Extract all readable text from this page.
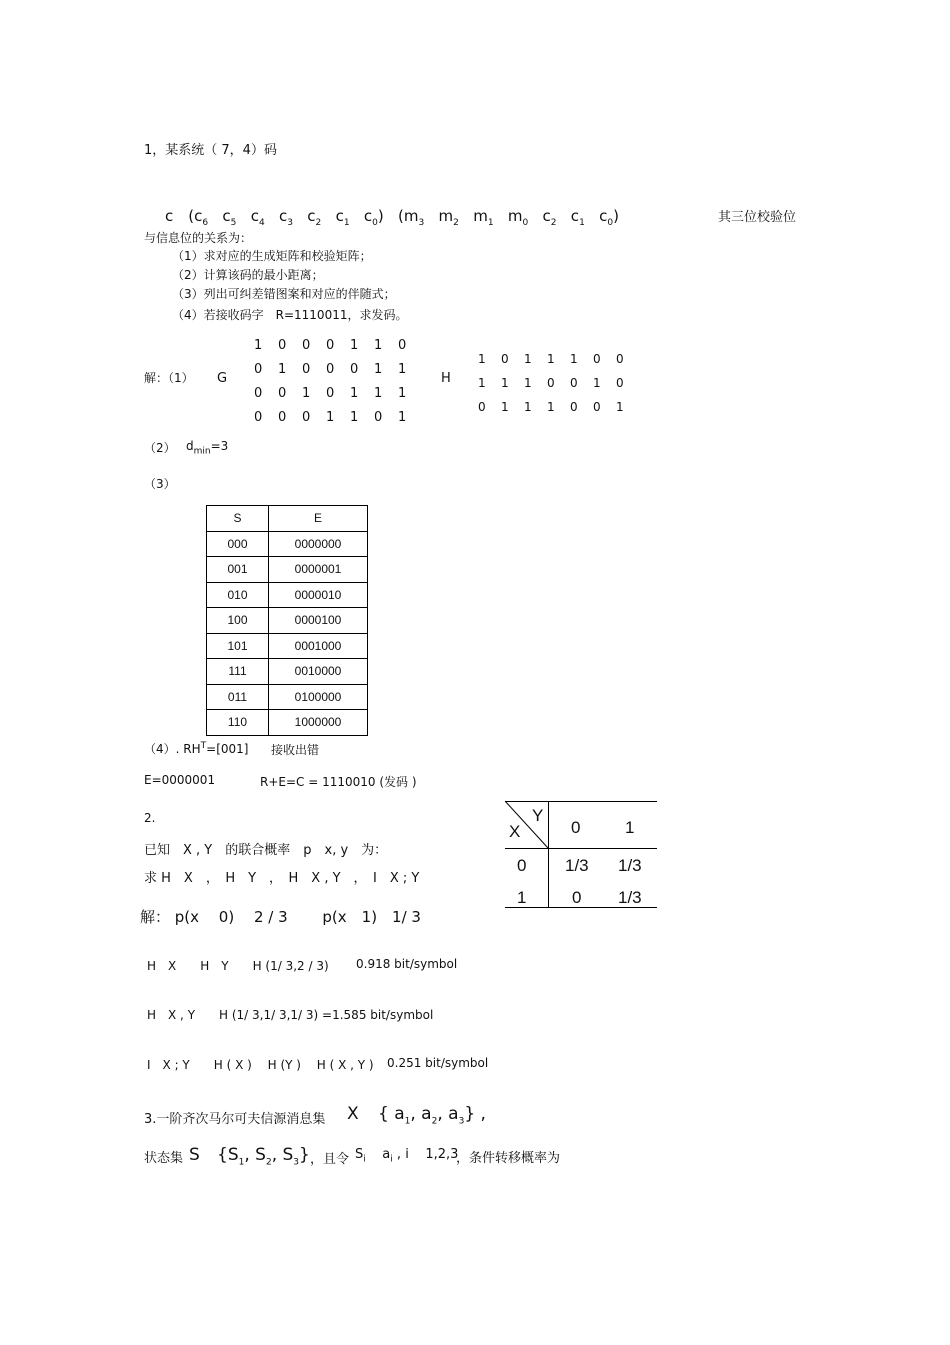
1，某系统（ 7，4）码
c　($c_6$   $c_5$   $c_4$   $c_3$   $c_2$   $c_1$   $c_0$)   ($m_3$   $m_2$   $m_1$   $m_0$   $c_2$   $c_1$   $c_0$)	其三位校验位
与信息位的关系为：
（1）求对应的生成矩阵和校验矩阵；
（2）计算该码的最小距离；
（3）列出可纠差错图案和对应的伴随式；
（4）若接收码字　R=1110011，求发码。
解：（1） G
1 0 0 0 1 1 0
0 1 0 0 0 1 1
0 0 1 0 1 1 1
0 0 0 1 1 0 1
H
1 0 1 1 1 0 0
1 1 1 0 0 1 0
0 1 1 1 0 0 1
（2） $d_{min}=3$
（3）
S	E
000	0000000
001	0000001
010	0000010
100	0000100
101	0001000
111	0010000
011	0100000
110	1000000
（4）. $RH^T=[001]$ 接收出错
E=0000001	R+E=C = 1110010 (发码 )
2.
已知　X , Y　的联合概率　p　x, y　为：
求 H　X　，　H　Y　，　H　X , Y　，　I　X ; Y
解： p(x　 0)　 2 / 3　　 p(x　1)　1/ 3
H　X　　H　Y　　H (1/ 3,2 / 3) 0.918 bit/symbol
H　X , Y　　H (1/ 3,1/ 3,1/ 3) =1.585 bit/symbol
I　X ; Y　　H ( X )　 H (Y )　 H ( X , Y ) 0.251 bit/symbol
Y
X	0	1
0 1/3 1/3
1	0 1/3
3.一阶齐次马尔可夫信源消息集 X { $a_1$, $a_2$, $a_3$} ,
状态集 S {$S_1$, $S_2$, $S_3$} ，且令 $S_i$    $a_i$ , i    1,2,3
，条件转移概率为
